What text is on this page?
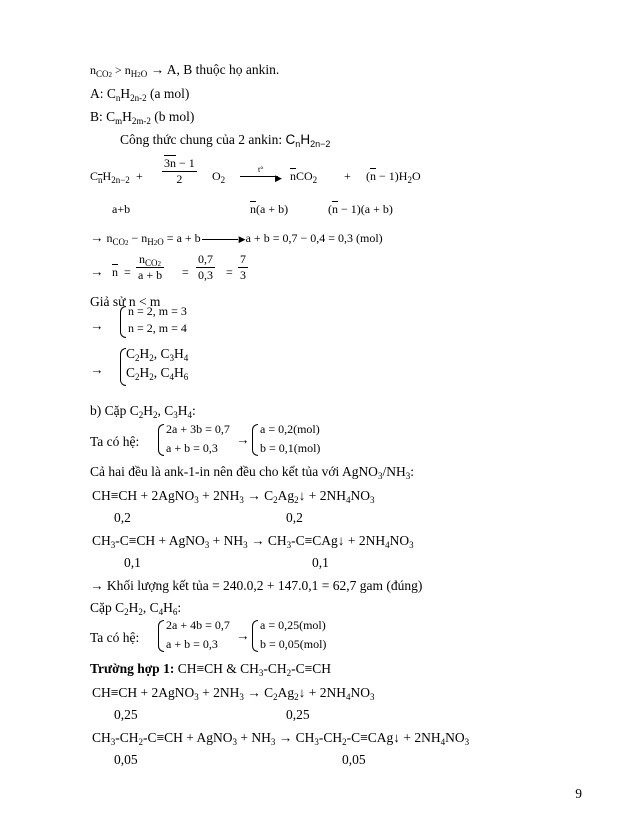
$n_{CO2} > n_{H2O} \to A$, B thuộc họ ankin.
A: $C_nH_{2n-2}$ (a mol)
B: $C_mH_{2m-2}$ (b mol)
Công thức chung của 2 ankin: $C_nH_{2n-2}$
$C_{\overline{n}}H_{2n-2} + \frac{3n - 1}{2} O_2$
t°
▶ $\overline{n}CO_2 + (\overline{n} - 1)H_2O$
a+b	$\overline{n}(a + b)$	$(\overline{n} - 1)(a + b)$
→ $n_{CO2} - n_{H2O} = a + b$	▶a + b = 0,7 − 0,4 = 0,3 (mol)
→ $\overline{n}$ =
$n_{CO2}$
$a + b = \frac{0,7}{0,3} = \frac{7}{3}$
Giả sử n < m
→
n = 2, m = 3
n = 2, m = 4
→
$C_2H_2$, $C_3H_4$
$C_2H_2$, $C_4H_6$
b) Cặp $C_2H_2$, $C_3H_4$:
Ta có hệ:
2a + 3b = 0,7
a + b = 0,3
→
a = 0,2(mol)
b = 0,1(mol)
Cả hai đều là ank-1-in nên đều cho kết tủa với $AgNO_3/NH_3$:
CH≡CH + 2AgNO$_3$ + $2NH_3$ → $C_2Ag_2↓ + 2NH_4NO_3$
0,2	0,2
$CH_3-C\equiv CH$ + AgNO$_3$ + $NH_3$ → $CH_3-C\equiv CAg↓ + 2NH_4NO_3$
0,1	0,1
→ Khối lượng kết tủa = 240.0,2 + 147.0,1 = 62,7 gam (đúng)
Cặp $C_2H_2$, $C_4H_6$:
Ta có hệ:
2a + 4b = 0,7
a + b = 0,3
→
a = 0,25(mol)
b = 0,05(mol)
Trường hợp 1: CH≡CH & $CH_3-CH_2-C\equiv CH$
CH≡CH + 2AgNO$_3$ + $2NH_3$ → $C_2Ag_2↓ + 2NH_4NO_3$
0,25	0,25
$CH_3-CH_2-C\equiv CH$ + AgNO$_3$ + $NH_3$ → $CH_3-CH_2-C\equiv CAg↓ + 2NH_4NO_3$
0,05	0,05
9
